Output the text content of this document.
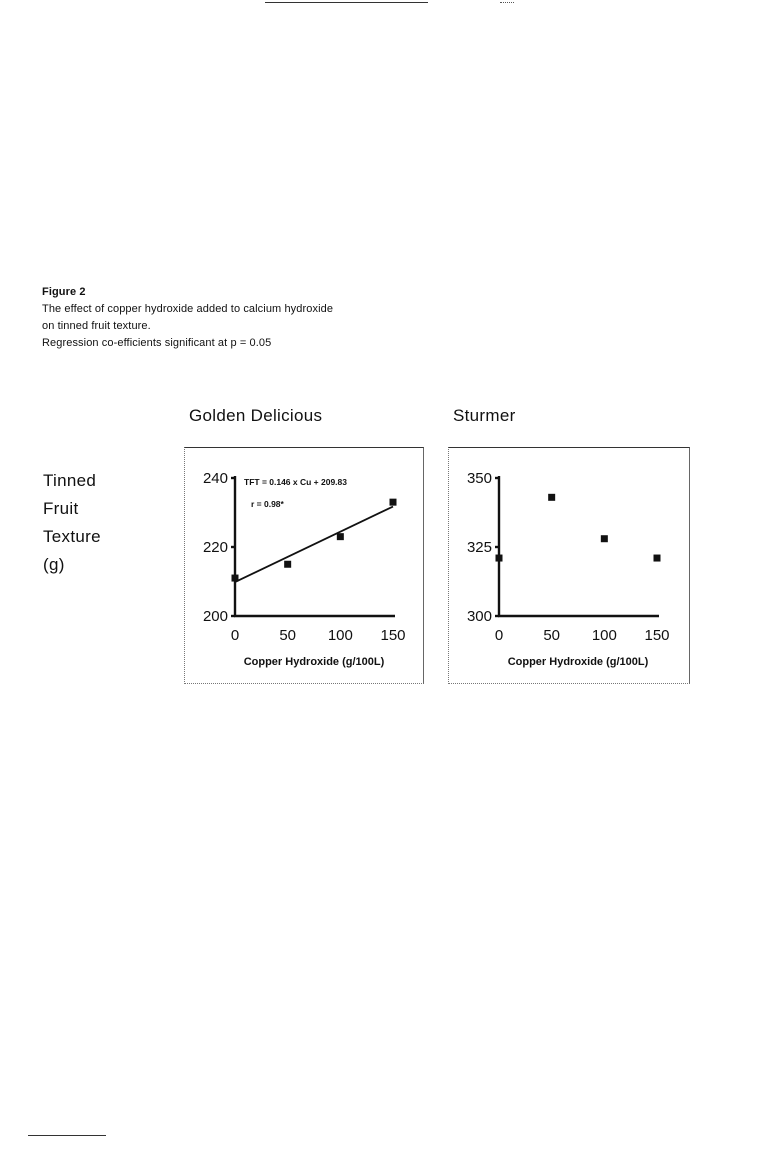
Figure 2
The effect of copper hydroxide added to calcium hydroxide
on tinned fruit texture.
Regression co-efficients significant at p = 0.05
Golden Delicious	Sturmer
Tinned
Fruit
Texture
(g)
200
220
240
0	50 100 150
Copper Hydroxide (g/100L)
TFT = 0.146 x Cu + 209.83
r = 0.98*
300
325
350
0	50 100 150
Copper Hydroxide (g/100L)
